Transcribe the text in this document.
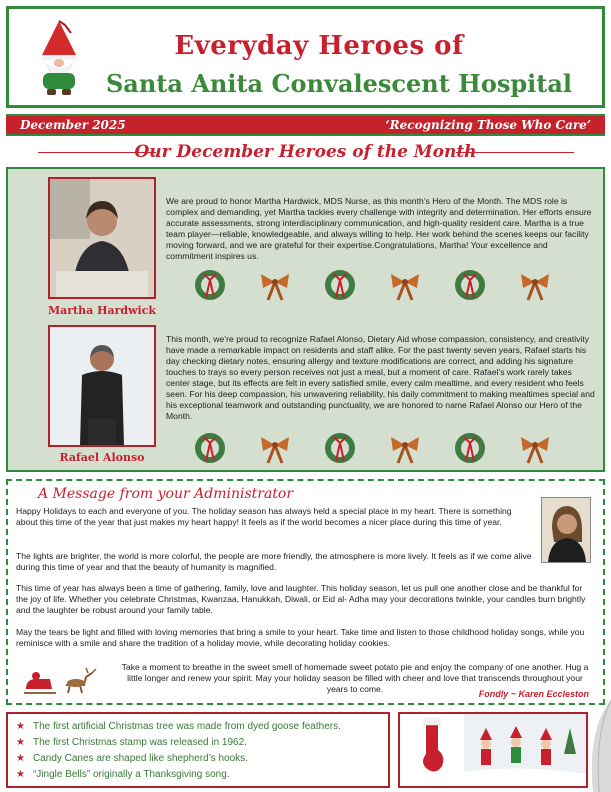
Everyday Heroes of
Santa Anita Convalescent Hospital
December 2025	‘Recognizing Those Who Care’
Our December Heroes of the Month
Martha Hardwick
We are proud to honor Martha Hardwick, MDS Nurse, as this month’s Hero of the Month. The MDS role is complex and demanding, yet Martha tackles every challenge with integrity and determination. Her efforts ensure accurate assessments, strong interdisciplinary communication, and high-quality resident care. Martha is a true team player—reliable, knowledgeable, and always willing to help. Her work behind the scenes keeps our facility moving forward, and we are grateful for their expertise.Congratulations, Martha! Your excellence and commitment inspires us.
Rafael Alonso
This month, we’re proud to recognize Rafael Alonso, Dietary Aid whose compassion, consistency, and creativity have made a remarkable impact on residents and staff alike. For the past twenty seven years, Rafael starts his day checking dietary notes, ensuring allergy and texture modifications are correct, and adding his signature touches to trays so every person receives not just a meal, but a moment of care. Rafael’s work rarely takes center stage, but its effects are felt in every satisfied smile, every calm mealtime, and every resident who feels seen. For his deep compassion, his unwavering reliability, his daily commitment to making mealtimes special and his exceptional teamwork and outstanding punctuality, we are honored to name Rafael Alonso our Hero of the Month.
A Message from your Administrator
Happy Holidays to each and everyone of you. The holiday season has always held a special place in my heart. There is something about this time of the year that just makes my heart happy! It feels as if the world becomes a nicer place during this time of year.
The lights are brighter, the world is more colorful, the people are more friendly, the atmosphere is more lively. It feels as if we come alive during this time of year and that the beauty of humanity is magnified.
This time of year has always been a time of gathering, family, love and laughter. This holiday season, let us pull one another close and be thankful for the joy of life. Whether you celebrate Christmas, Kwanzaa, Hanukkah, Diwali, or Eid al- Adha may your decorations twinkle, your candles burn brightly and the laughter be robust around your family table.
May the tears be light and filled with loving memories that bring a smile to your heart. Take time and listen to those childhood holiday songs, while you reminisce with a smile and share the tradition of a holiday movie, while decorating holiday cookies.
Take a moment to breathe in the sweet smell of homemade sweet potato pie and enjoy the company of one another. Hug a little longer and renew your spirit. May your holiday season be filled with cheer and love that transcends throughout your years to come.	Fondly ~ Karen Eccleston
★ The first artificial Christmas tree was made from dyed goose feathers.
★ The first Christmas stamp was released in 1962.
★ Candy Canes are shaped like shepherd’s hooks.
★ “Jingle Bells” originally a Thanksgiving song.
